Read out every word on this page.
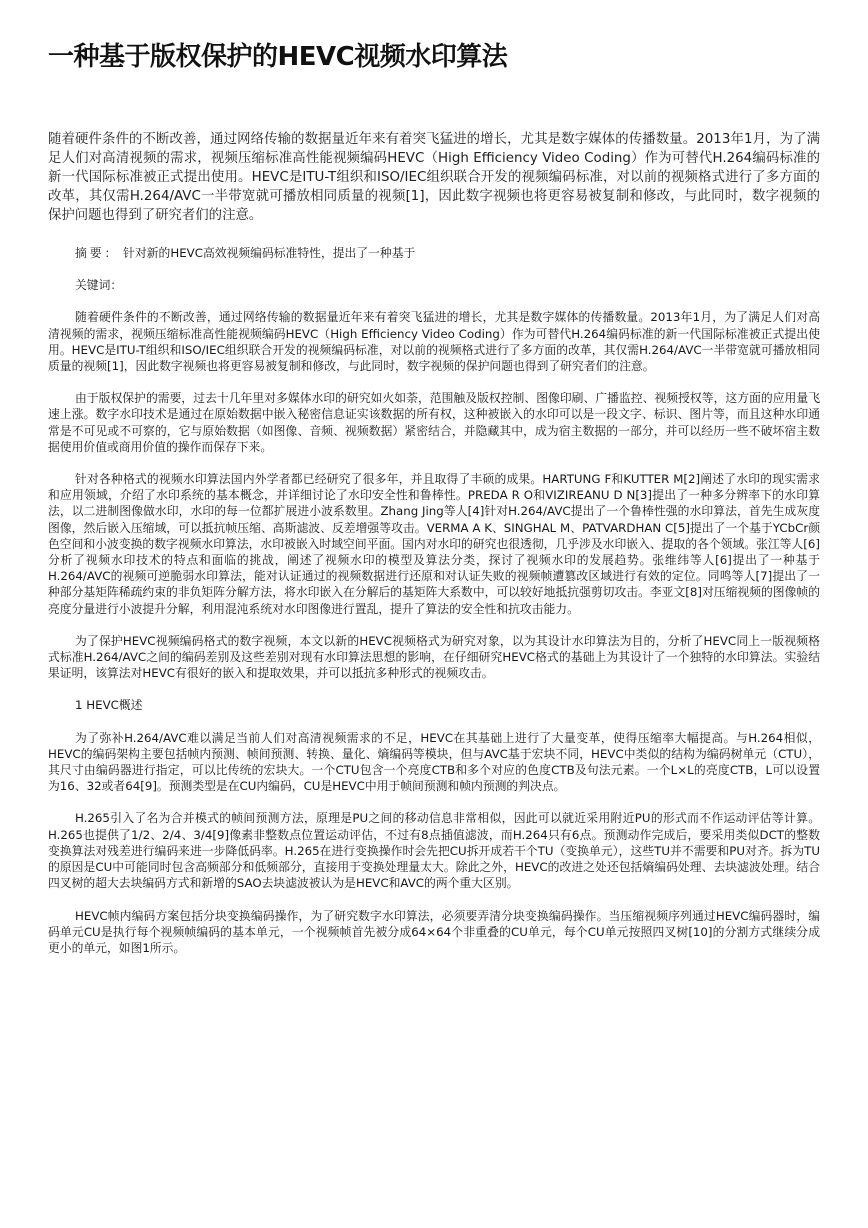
一种基于版权保护的HEVC视频水印算法

随着硬件条件的不断改善，通过网络传输的数据量近年来有着突飞猛进的增长，尤其是数字媒体的传播数量。2013年1月，为了满足人们对高清视频的需求，视频压缩标准高性能视频编码HEVC（High Efficiency Video Coding）作为可替代H.264编码标准的新一代国际标准被正式提出使用。HEVC是ITU-T组织和ISO/IEC组织联合开发的视频编码标准，对以前的视频格式进行了多方面的改革，其仅需H.264/AVC一半带宽就可播放相同质量的视频[1]，因此数字视频也将更容易被复制和修改，与此同时，数字视频的保护问题也得到了研究者们的注意。

摘要： 针对新的HEVC高效视频编码标准特性，提出了一种基于

关键词：

随着硬件条件的不断改善，通过网络传输的数据量近年来有着突飞猛进的增长，尤其是数字媒体的传播数量。2013年1月，为了满足人们对高清视频的需求，视频压缩标准高性能视频编码HEVC（High Efficiency Video Coding）作为可替代H.264编码标准的新一代国际标准被正式提出使用。HEVC是ITU-T组织和ISO/IEC组织联合开发的视频编码标准，对以前的视频格式进行了多方面的改革，其仅需H.264/AVC一半带宽就可播放相同质量的视频[1]，因此数字视频也将更容易被复制和修改，与此同时，数字视频的保护问题也得到了研究者们的注意。

由于版权保护的需要，过去十几年里对多媒体水印的研究如火如荼，范围触及版权控制、图像印刷、广播监控、视频授权等，这方面的应用量飞速上涨。数字水印技术是通过在原始数据中嵌入秘密信息证实该数据的所有权，这种被嵌入的水印可以是一段文字、标识、图片等，而且这种水印通常是不可见或不可察的，它与原始数据（如图像、音频、视频数据）紧密结合，并隐藏其中，成为宿主数据的一部分，并可以经历一些不破坏宿主数据使用价值或商用价值的操作而保存下来。

针对各种格式的视频水印算法国内外学者都已经研究了很多年，并且取得了丰硕的成果。HARTUNG F和KUTTER M[2]阐述了水印的现实需求和应用领域，介绍了水印系统的基本概念，并详细讨论了水印安全性和鲁棒性。PREDA R O和VIZIREANU D N[3]提出了一种多分辨率下的水印算法，以二进制图像做水印，水印的每一位都扩展进小波系数里。Zhang Jing等人[4]针对H.264/AVC提出了一个鲁棒性强的水印算法，首先生成灰度图像，然后嵌入压缩域，可以抵抗帧压缩、高斯滤波、反差增强等攻击。VERMA A K、SINGHAL M、PATVARDHAN C[5]提出了一个基于YCbCr颜色空间和小波变换的数字视频水印算法，水印被嵌入时域空间平面。国内对水印的研究也很透彻，几乎涉及水印嵌入、提取的各个领域。张江等人[6]分析了视频水印技术的特点和面临的挑战，阐述了视频水印的模型及算法分类，探讨了视频水印的发展趋势。张维纬等人[6]提出了一种基于H.264/AVC的视频可逆脆弱水印算法，能对认证通过的视频数据进行还原和对认证失败的视频帧遭篡改区域进行有效的定位。同鸣等人[7]提出了一种部分基矩阵稀疏约束的非负矩阵分解方法，将水印嵌入在分解后的基矩阵大系数中，可以较好地抵抗强剪切攻击。李亚文[8]对压缩视频的图像帧的亮度分量进行小波提升分解，利用混沌系统对水印图像进行置乱，提升了算法的安全性和抗攻击能力。

为了保护HEVC视频编码格式的数字视频，本文以新的HEVC视频格式为研究对象，以为其设计水印算法为目的，分析了HEVC同上一版视频格式标准H.264/AVC之间的编码差别及这些差别对现有水印算法思想的影响，在仔细研究HEVC格式的基础上为其设计了一个独特的水印算法。实验结果证明，该算法对HEVC有很好的嵌入和提取效果，并可以抵抗多种形式的视频攻击。

1 HEVC概述

为了弥补H.264/AVC难以满足当前人们对高清视频需求的不足，HEVC在其基础上进行了大量变革，使得压缩率大幅提高。与H.264相似，HEVC的编码架构主要包括帧内预测、帧间预测、转换、量化、熵编码等模块，但与AVC基于宏块不同，HEVC中类似的结构为编码树单元（CTU），其尺寸由编码器进行指定，可以比传统的宏块大。一个CTU包含一个亮度CTB和多个对应的色度CTB及句法元素。一个L×L的亮度CTB，L可以设置为16、32或者64[9]。预测类型是在CU内编码，CU是HEVC中用于帧间预测和帧内预测的判决点。

H.265引入了名为合并模式的帧间预测方法，原理是PU之间的移动信息非常相似，因此可以就近采用附近PU的形式而不作运动评估等计算。H.265也提供了1/2、2/4、3/4[9]像素非整数点位置运动评估，不过有8点插值滤波，而H.264只有6点。预测动作完成后，要采用类似DCT的整数变换算法对残差进行编码来进一步降低码率。H.265在进行变换操作时会先把CU拆开成若干个TU（变换单元），这些TU并不需要和PU对齐。拆为TU的原因是CU中可能同时包含高频部分和低频部分，直接用于变换处理量太大。除此之外，HEVC的改进之处还包括熵编码处理、去块滤波处理。结合四叉树的超大去块编码方式和新增的SAO去块滤波被认为是HEVC和AVC的两个重大区别。

HEVC帧内编码方案包括分块变换编码操作，为了研究数字水印算法，必须要弄清分块变换编码操作。当压缩视频序列通过HEVC编码器时，编码单元CU是执行每个视频帧编码的基本单元，一个视频帧首先被分成64×64个非重叠的CU单元，每个CU单元按照四叉树[10]的分割方式继续分成更小的单元，如图1所示。
